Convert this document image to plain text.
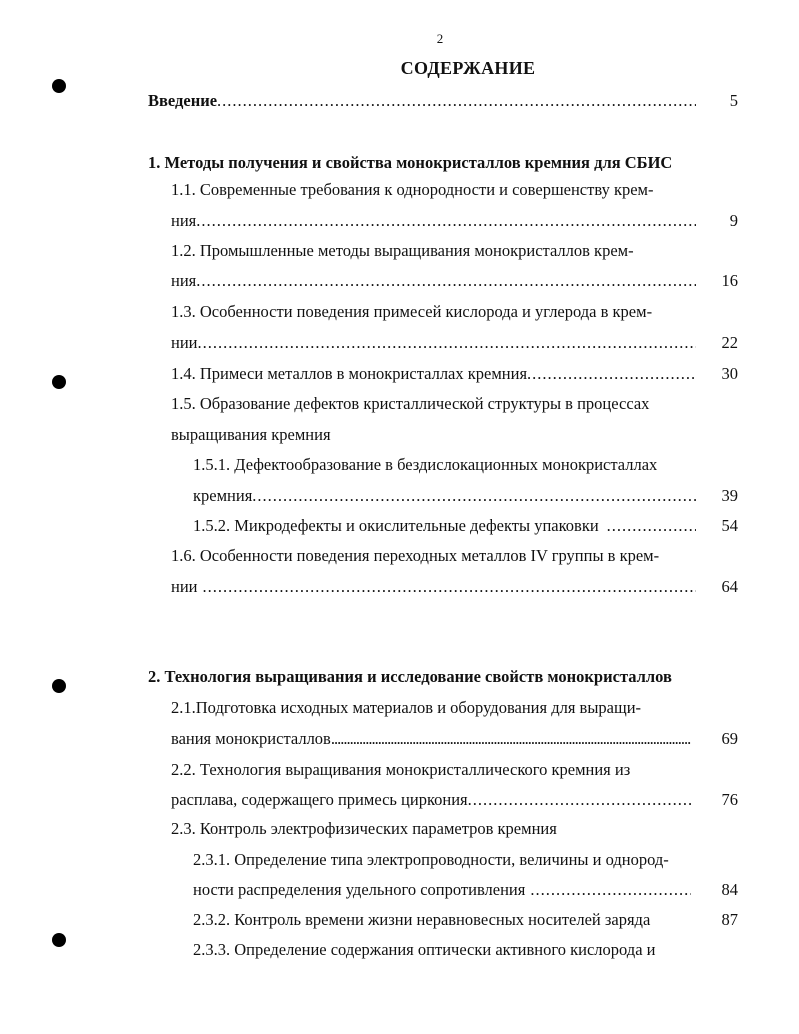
2
СОДЕРЖАНИЕ
Введение .....	5
1. Методы получения и свойства монокристаллов кремния для СБИС
1.1. Современные требования к однородности и совершенству крем-
ния .....	9
1.2. Промышленные методы выращивания монокристаллов крем-
ния .....	16
1.3. Особенности поведения примесей кислорода и углерода в крем-
нии .....	22
1.4. Примеси металлов в монокристаллах кремния .....	30
1.5. Образование дефектов кристаллической структуры в процессах
выращивания кремния
1.5.1. Дефектообразование в бездислокационных монокристаллах
кремния .....	39
1.5.2. Микродефекты и окислительные дефекты упаковки .....	54
1.6. Особенности поведения переходных металлов IV группы в крем-
нии .....	64
2. Технология выращивания и исследование свойств монокристаллов
2.1.Подготовка исходных материалов и оборудования для выращи-
вания монокристаллов .....	69
2.2. Технология выращивания монокристаллического кремния из
расплава, содержащего примесь циркония .....	76
2.3. Контроль электрофизических параметров кремния
2.3.1. Определение типа электропроводности, величины и однород-
ности распределения удельного сопротивления .....	84
2.3.2. Контроль времени жизни неравновесных носителей заряда	87
2.3.3. Определение содержания оптически активного кислорода и
